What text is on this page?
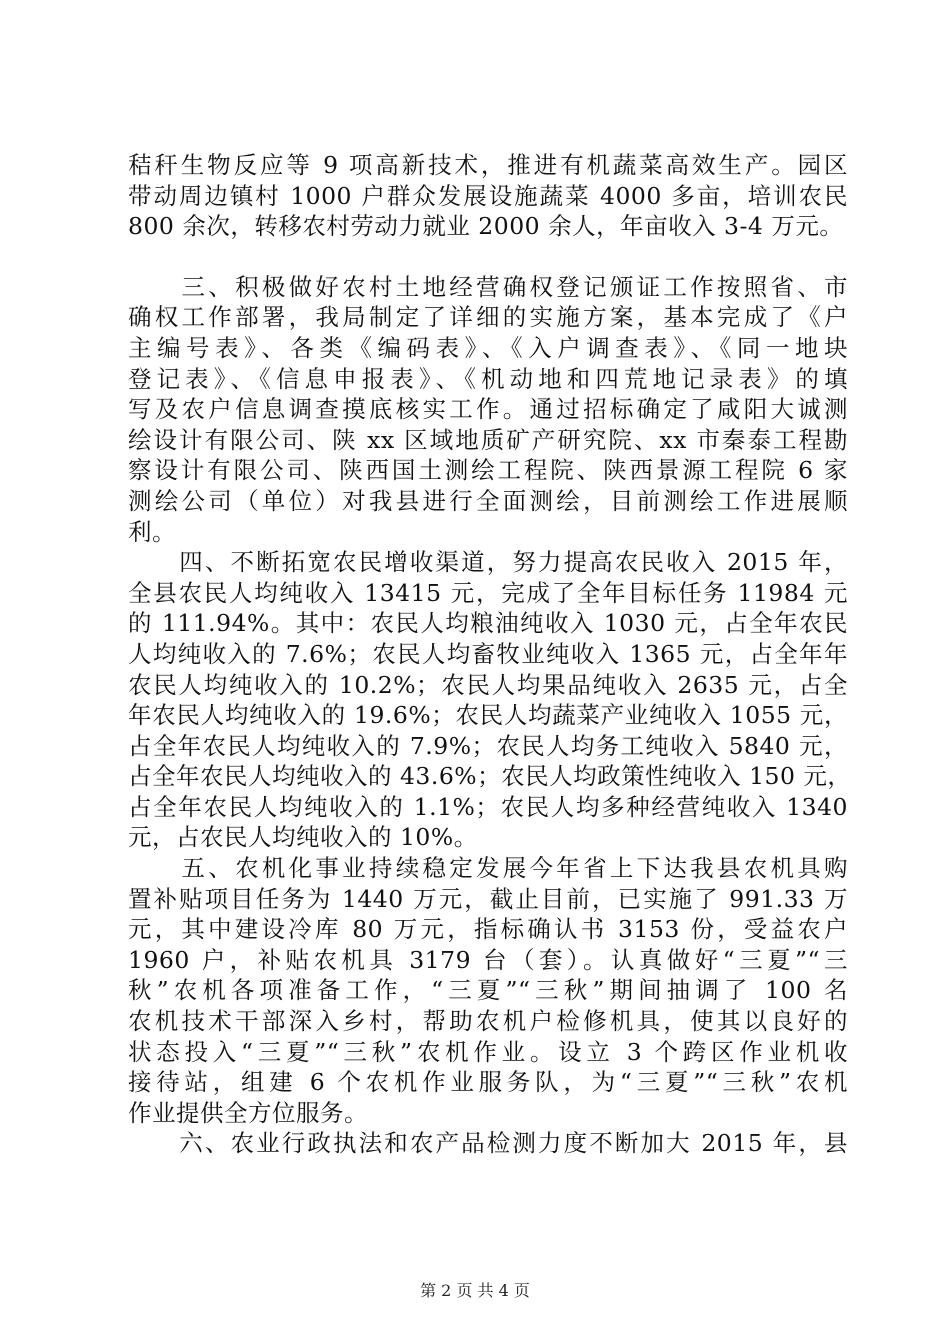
秸秆生物反应等 9 项高新技术，推进有机蔬菜高效生产。园区
带动周边镇村 1000 户群众发展设施蔬菜 4000 多亩，培训农民
800 余次，转移农村劳动力就业 2000 余人，年亩收入 3-4 万元。
　　三、积极做好农村土地经营确权登记颁证工作按照省、市
确权工作部署，我局制定了详细的实施方案，基本完成了《户
主编号表》、各类《编码表》、《入户调查表》、《同一地块
登记表》、《信息申报表》、《机动地和四荒地记录表》的填
写及农户信息调查摸底核实工作。通过招标确定了咸阳大诚测
绘设计有限公司、陕 xx 区域地质矿产研究院、xx 市秦泰工程勘
察设计有限公司、陕西国土测绘工程院、陕西景源工程院 6 家
测绘公司（单位）对我县进行全面测绘，目前测绘工作进展顺
利。
　　四、不断拓宽农民增收渠道，努力提高农民收入 2015 年，
全县农民人均纯收入 13415 元，完成了全年目标任务 11984 元
的 111.94%。其中：农民人均粮油纯收入 1030 元，占全年农民
人均纯收入的 7.6%；农民人均畜牧业纯收入 1365 元，占全年年
农民人均纯收入的 10.2%；农民人均果品纯收入 2635 元，占全
年农民人均纯收入的 19.6%；农民人均蔬菜产业纯收入 1055 元，
占全年农民人均纯收入的 7.9%；农民人均务工纯收入 5840 元，
占全年农民人均纯收入的 43.6%；农民人均政策性纯收入 150 元，
占全年农民人均纯收入的 1.1%；农民人均多种经营纯收入 1340
元，占农民人均纯收入的 10%。
　　五、农机化事业持续稳定发展今年省上下达我县农机具购
置补贴项目任务为 1440 万元，截止目前，已实施了 991.33 万
元，其中建设冷库 80 万元，指标确认书 3153 份，受益农户
1960 户，补贴农机具 3179 台（套）。认真做好“三夏”“三
秋”农机各项准备工作，“三夏”“三秋”期间抽调了 100 名
农机技术干部深入乡村，帮助农机户检修机具，使其以良好的
状态投入“三夏”“三秋”农机作业。设立 3 个跨区作业机收
接待站，组建 6 个农机作业服务队，为“三夏”“三秋”农机
作业提供全方位服务。
　　六、农业行政执法和农产品检测力度不断加大 2015 年，县
第 2 页 共 4 页
